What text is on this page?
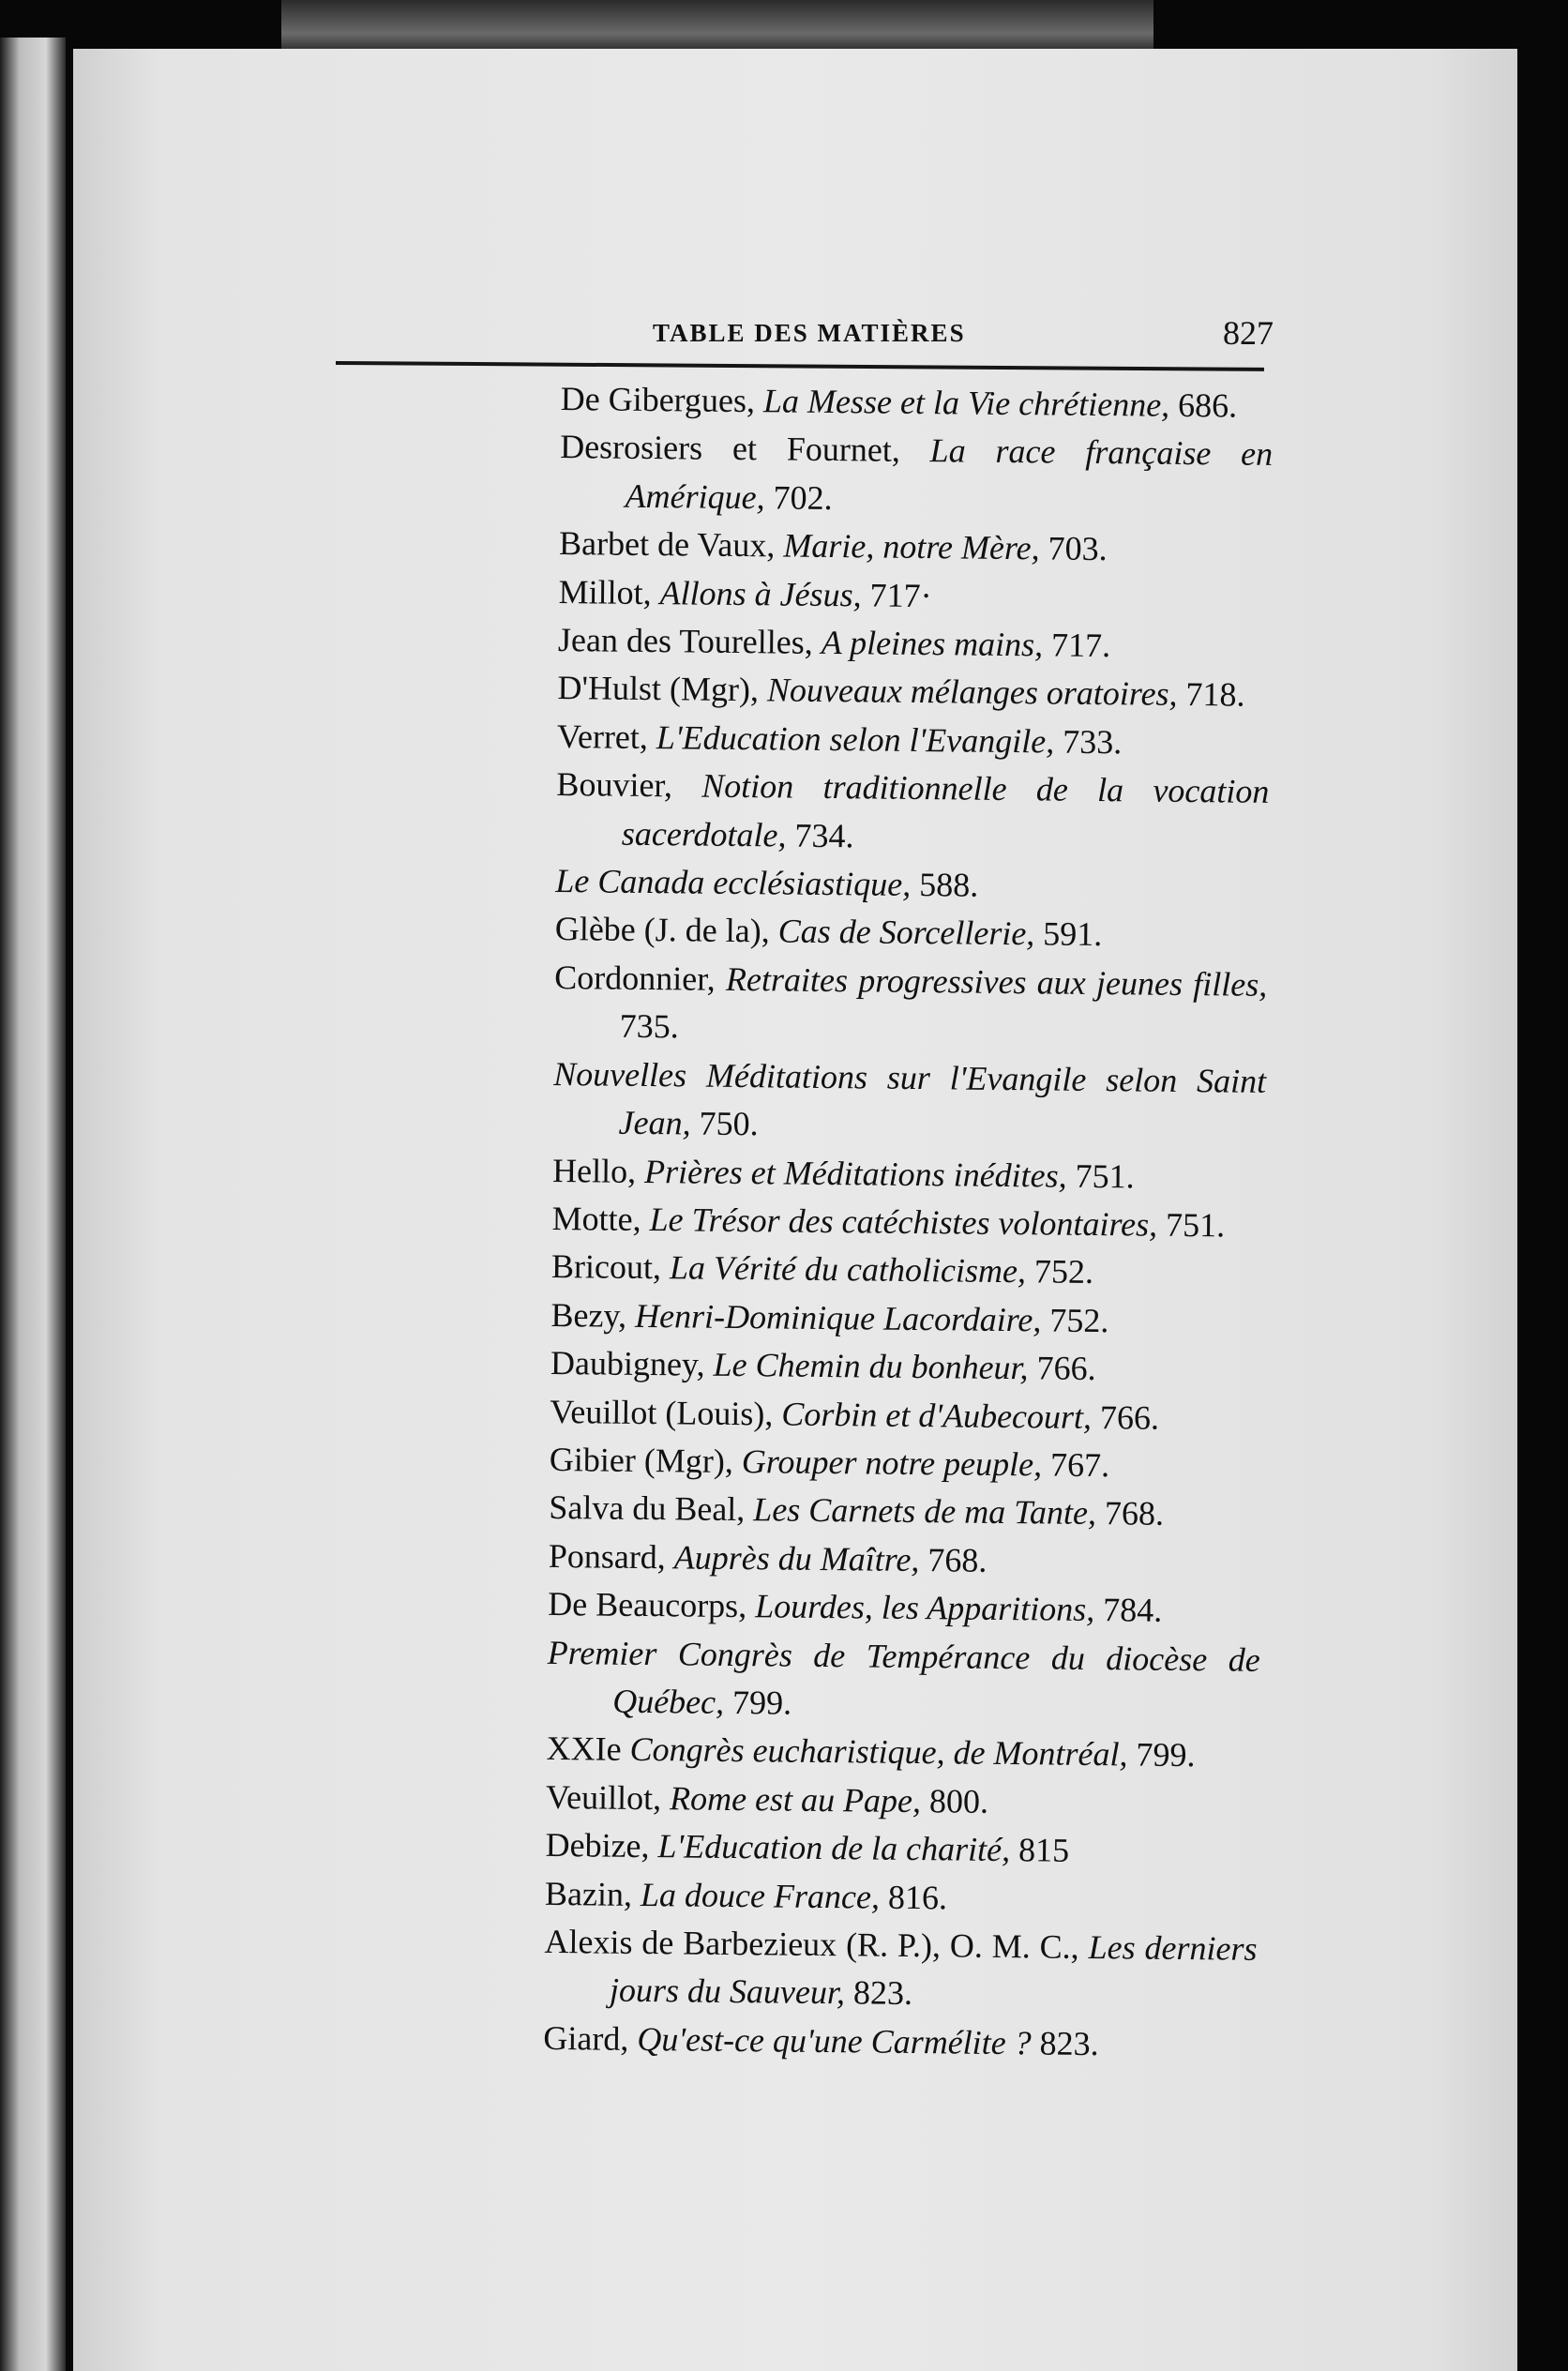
TABLE DES MATIÈRES	827
De Gibergues, La Messe et la Vie chrétienne, 686.
Desrosiers et Fournet, La race française en Amérique, 702.
Barbet de Vaux, Marie, notre Mère, 703.
Millot, Allons à Jésus, 717·
Jean des Tourelles, A pleines mains, 717.
D'Hulst (Mgr), Nouveaux mélanges oratoires, 718.
Verret, L'Education selon l'Evangile, 733.
Bouvier, Notion traditionnelle de la vocation sacerdotale, 734.
Le Canada ecclésiastique, 588.
Glèbe (J. de la), Cas de Sorcellerie, 591.
Cordonnier, Retraites progressives aux jeunes filles, 735.
Nouvelles Méditations sur l'Evangile selon Saint Jean, 750.
Hello, Prières et Méditations inédites, 751.
Motte, Le Trésor des catéchistes volontaires, 751.
Bricout, La Vérité du catholicisme, 752.
Bezy, Henri-Dominique Lacordaire, 752.
Daubigney, Le Chemin du bonheur, 766.
Veuillot (Louis), Corbin et d'Aubecourt, 766.
Gibier (Mgr), Grouper notre peuple, 767.
Salva du Beal, Les Carnets de ma Tante, 768.
Ponsard, Auprès du Maître, 768.
De Beaucorps, Lourdes, les Apparitions, 784.
Premier Congrès de Tempérance du diocèse de Québec, 799.
XXIe Congrès eucharistique, de Montréal, 799.
Veuillot, Rome est au Pape, 800.
Debize, L'Education de la charité, 815
Bazin, La douce France, 816.
Alexis de Barbezieux (R. P.), O. M. C., Les derniers jours du Sauveur, 823.
Giard, Qu'est-ce qu'une Carmélite ? 823.
